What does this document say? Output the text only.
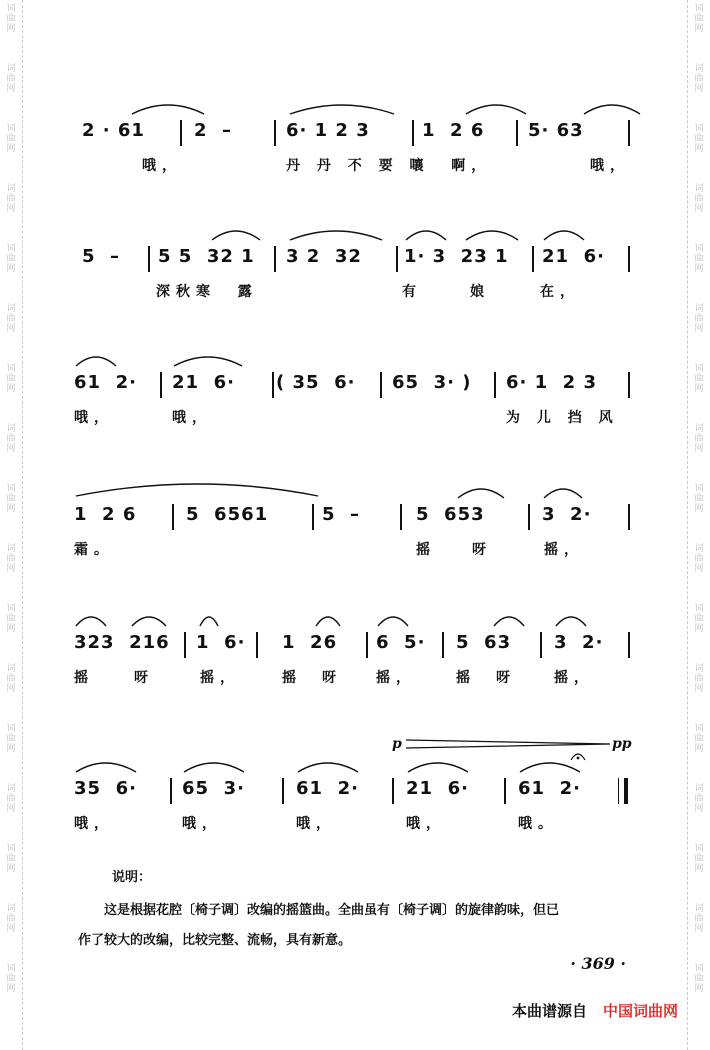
词
曲
网
词
曲
网
词
曲
网
词
曲
网
词
曲
网
词
曲
网
词
曲
网
词
曲
网
词
曲
网
词
曲
网
词
曲
网
词
曲
网
词
曲
网
词
曲
网
词
曲
网
词
曲
网
词
曲
网
词
曲
网
词
曲
网
词
曲
网
词
曲
网
词
曲
网
词
曲
网
词
曲
网
词
曲
网
词
曲
网
词
曲
网
词
曲
网
词
曲
网
词
曲
网
词
曲
网
词
曲
网
词
曲
网
词
曲
网
2 · 61	2  –	6· 1 2 3	1  2 6 5· 63
哦，	丹 丹 不 要 嚷  啊，	哦，
5  – 5 5  32 1 3 2  32 1· 3  23 1 21  6·
深秋寒  露	有	娘	在，
61  2· 21  6· ( 35  6· 65  3· ) 6· 1  2 3
哦，	哦，	为 儿 挡 风
1  2 6	5  6561	5  –	5  653	3  2·
霜。	摇	呀	摇，
323  216 1  6· 1  26 6  5· 5  63 3  2·
摇	呀	摇，	摇 呀 摇，	摇 呀	摇，
p	pp
35  6·	65  3·	61  2·	21  6·	61  2·
哦，	哦，	哦，	哦，	哦。
说明：

这是根据花腔〔椅子调〕改编的摇篮曲。全曲虽有〔椅子调〕的旋律韵味，但已

作了较大的改编，比较完整、流畅，具有新意。

· 369 ·
本曲谱源自 中国词曲网
